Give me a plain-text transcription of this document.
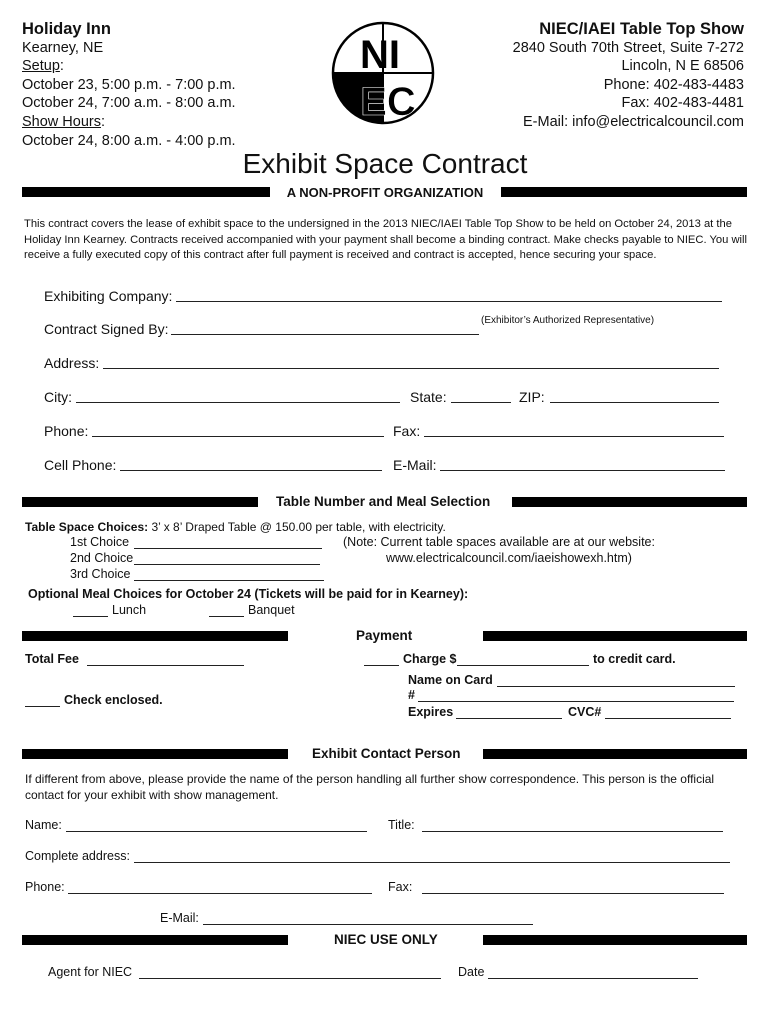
Holiday Inn
Kearney, NE
Setup:
October 23, 5:00 p.m. - 7:00 p.m.
October 24, 7:00 a.m. - 8:00 a.m.
Show Hours:
October 24, 8:00 a.m. - 4:00 p.m.
NI
EC
NIEC/IAEI Table Top Show
2840 South 70th Street, Suite 7-272
Lincoln, N E 68506
Phone: 402-483-4483
Fax: 402-483-4481
E-Mail: info@electricalcouncil.com
Exhibit Space Contract
A NON-PROFIT ORGANIZATION
This contract covers the lease of exhibit space to the undersigned in the 2013 NIEC/IAEI Table Top Show to be held on October 24, 2013 at the Holiday Inn Kearney. Contracts received accompanied with your payment shall become a binding contract. Make checks payable to NIEC. You will receive a fully executed copy of this contract after full payment is received and contract is accepted, hence securing your space.
Exhibiting Company:
Contract Signed By:
(Exhibitor’s Authorized Representative)
Address:
City:	State:	ZIP:
Phone:	Fax:
Cell Phone:	E-Mail:
Table Number and Meal Selection
Table Space Choices: 3’ x 8’ Draped Table @ 150.00 per table, with electricity.
1st Choice
2nd Choice
3rd Choice
(Note: Current table spaces available are at our website:
www.electricalcouncil.com/iaeishowexh.htm)
Optional Meal Choices for October 24 (Tickets will be paid for in Kearney):
Lunch	Banquet
Payment
Total Fee	Charge $	to credit card.
Name on Card
#
Check enclosed.
Expires	CVC#
Exhibit Contact Person
If different from above, please provide the name of the person handling all further show correspondence. This person is the official contact for your exhibit with show management.
Name:	Title:
Complete address:
Phone:	Fax:
E-Mail:
NIEC USE ONLY
Agent for NIEC	Date
